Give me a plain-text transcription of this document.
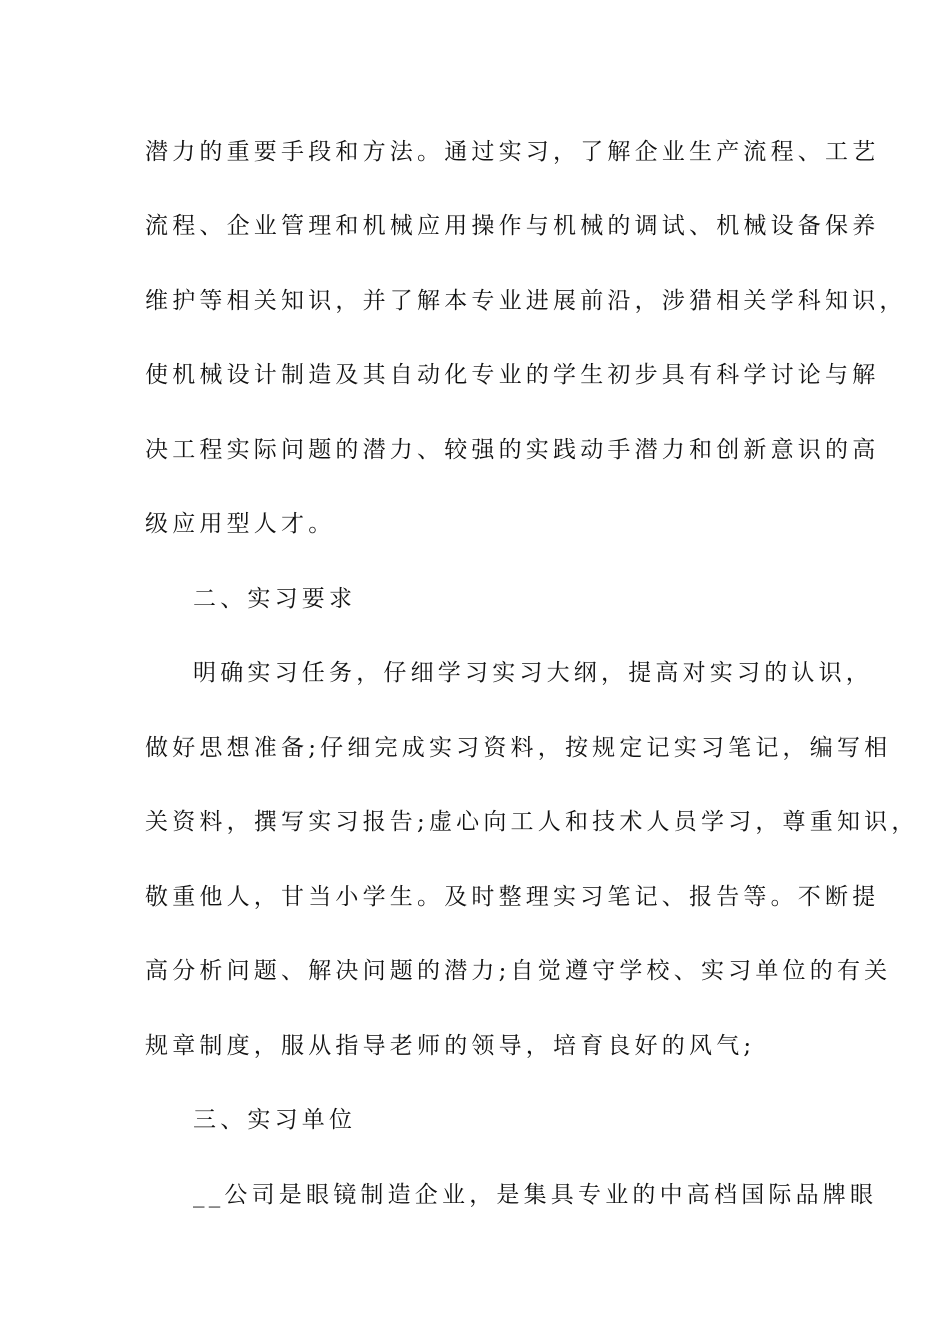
潜力的重要手段和方法。通过实习，了解企业生产流程、工艺
流程、企业管理和机械应用操作与机械的调试、机械设备保养
维护等相关知识，并了解本专业进展前沿，涉猎相关学科知识，
使机械设计制造及其自动化专业的学生初步具有科学讨论与解
决工程实际问题的潜力、较强的实践动手潜力和创新意识的高
级应用型人才。
二、实习要求
明确实习任务，仔细学习实习大纲，提高对实习的认识，
做好思想准备;仔细完成实习资料，按规定记实习笔记，编写相
关资料，撰写实习报告;虚心向工人和技术人员学习，尊重知识，
敬重他人，甘当小学生。及时整理实习笔记、报告等。不断提
高分析问题、解决问题的潜力;自觉遵守学校、实习单位的有关
规章制度，服从指导老师的领导，培育良好的风气;
三、实习单位
__公司是眼镜制造企业，是集具专业的中高档国际品牌眼
